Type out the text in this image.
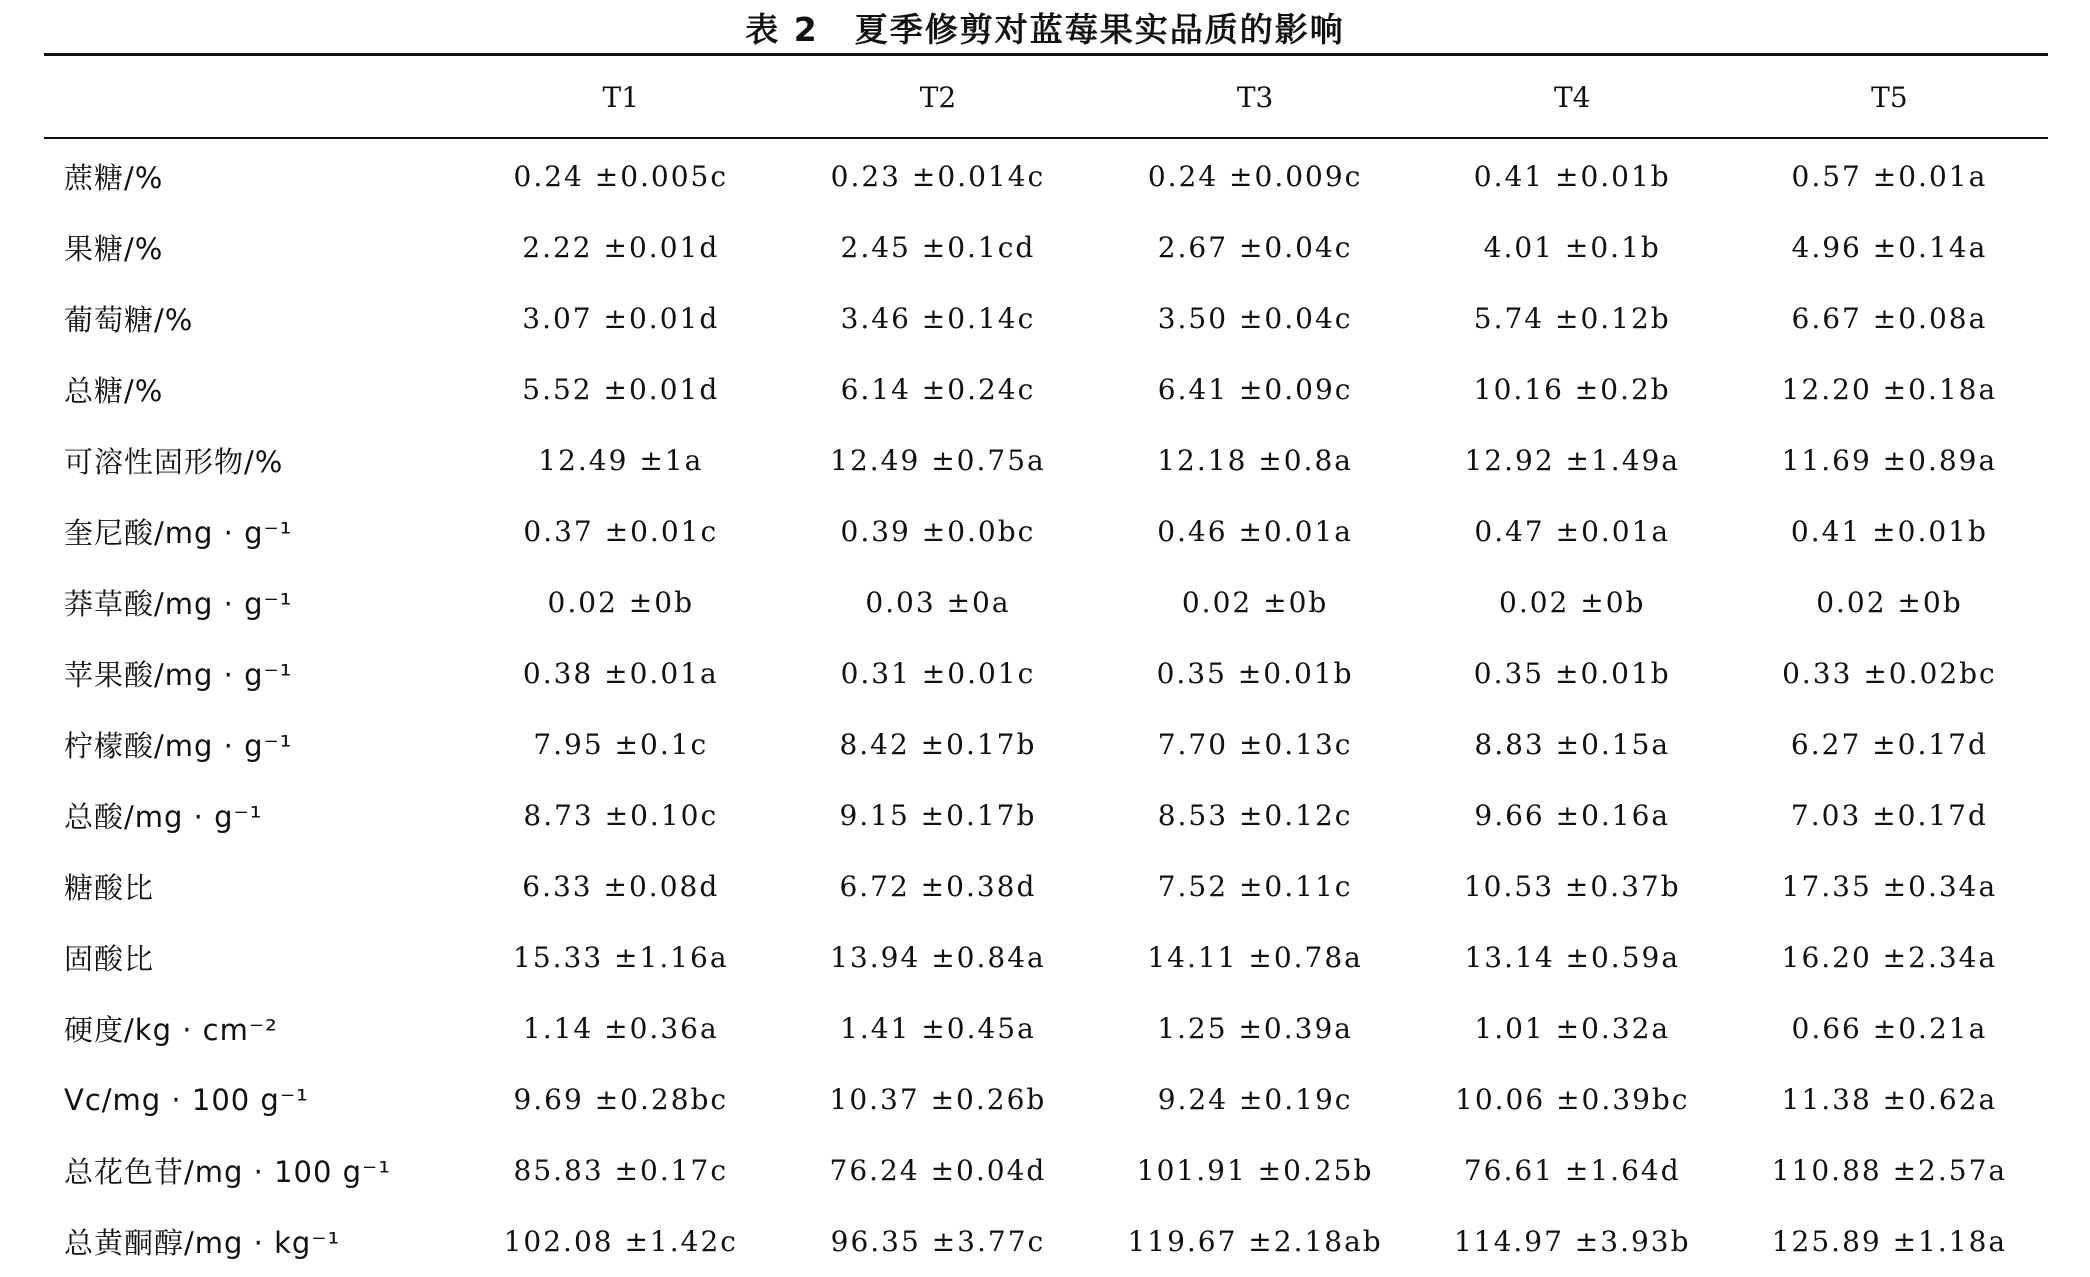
表 2 夏季修剪对蓝莓果实品质的影响
	T1	T2	T3	T4	T5

蔗糖/%	0.24 ±0.005c	0.23 ±0.014c	0.24 ±0.009c	0.41 ±0.01b	0.57 ±0.01a
果糖/%	2.22 ±0.01d	2.45 ±0.1cd	2.67 ±0.04c	4.01 ±0.1b	4.96 ±0.14a
葡萄糖/%	3.07 ±0.01d	3.46 ±0.14c	3.50 ±0.04c	5.74 ±0.12b	6.67 ±0.08a
总糖/%	5.52 ±0.01d	6.14 ±0.24c	6.41 ±0.09c	10.16 ±0.2b	12.20 ±0.18a
可溶性固形物/%	12.49 ±1a	12.49 ±0.75a	12.18 ±0.8a	12.92 ±1.49a	11.69 ±0.89a
奎尼酸/mg · g⁻¹	0.37 ±0.01c	0.39 ±0.0bc	0.46 ±0.01a	0.47 ±0.01a	0.41 ±0.01b
莽草酸/mg · g⁻¹	0.02 ±0b	0.03 ±0a	0.02 ±0b	0.02 ±0b	0.02 ±0b
苹果酸/mg · g⁻¹	0.38 ±0.01a	0.31 ±0.01c	0.35 ±0.01b	0.35 ±0.01b	0.33 ±0.02bc
柠檬酸/mg · g⁻¹	7.95 ±0.1c	8.42 ±0.17b	7.70 ±0.13c	8.83 ±0.15a	6.27 ±0.17d
总酸/mg · g⁻¹	8.73 ±0.10c	9.15 ±0.17b	8.53 ±0.12c	9.66 ±0.16a	7.03 ±0.17d
糖酸比	6.33 ±0.08d	6.72 ±0.38d	7.52 ±0.11c	10.53 ±0.37b	17.35 ±0.34a
固酸比	15.33 ±1.16a	13.94 ±0.84a	14.11 ±0.78a	13.14 ±0.59a	16.20 ±2.34a
硬度/kg · cm⁻²	1.14 ±0.36a	1.41 ±0.45a	1.25 ±0.39a	1.01 ±0.32a	0.66 ±0.21a
Vc/mg · 100 g⁻¹	9.69 ±0.28bc	10.37 ±0.26b	9.24 ±0.19c	10.06 ±0.39bc	11.38 ±0.62a
总花色苷/mg · 100 g⁻¹	85.83 ±0.17c	76.24 ±0.04d	101.91 ±0.25b	76.61 ±1.64d	110.88 ±2.57a
总黄酮醇/mg · kg⁻¹	102.08 ±1.42c	96.35 ±3.77c	119.67 ±2.18ab	114.97 ±3.93b	125.89 ±1.18a
